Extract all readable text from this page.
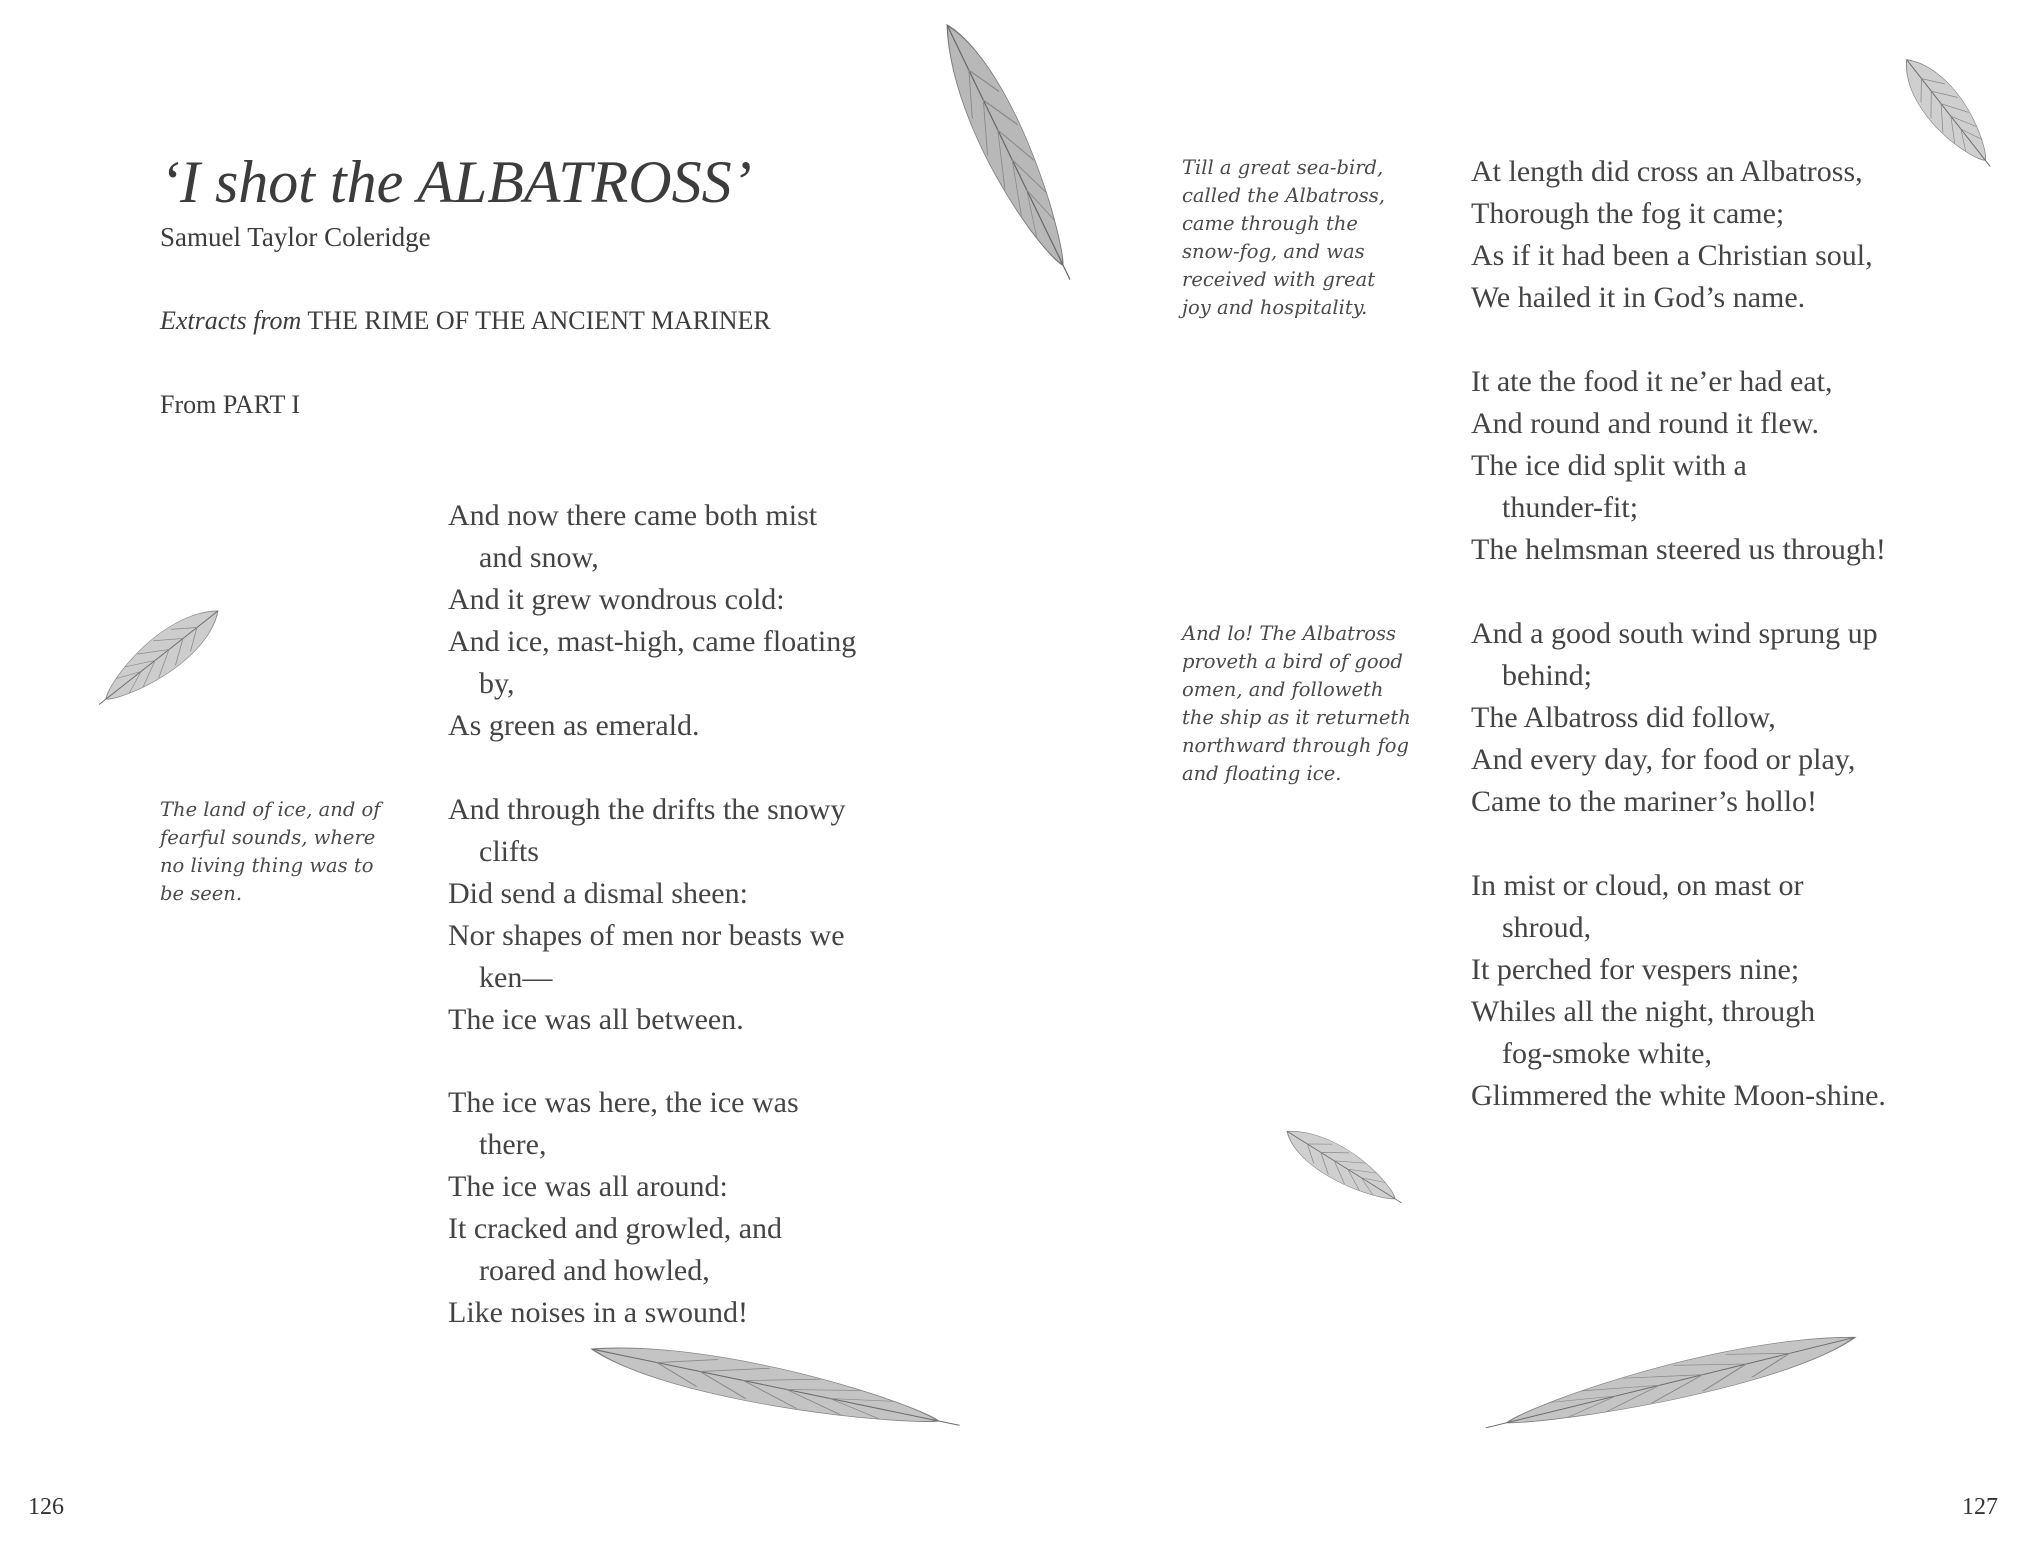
‘I shot the ALBATROSS’
Samuel Taylor Coleridge
Extracts from THE RIME OF THE ANCIENT MARINER
From PART I
The land of ice, and of
fearful sounds, where
no living thing was to
be seen.
And now there came both mist
and snow,
And it grew wondrous cold:
And ice, mast-high, came floating
by,
As green as emerald.
And through the drifts the snowy
clifts
Did send a dismal sheen:
Nor shapes of men nor beasts we
ken—
The ice was all between.
The ice was here, the ice was
there,
The ice was all around:
It cracked and growled, and
roared and howled,
Like noises in a swound!
126
Till a great sea-bird,
called the Albatross,
came through the
snow-fog, and was
received with great
joy and hospitality.
And lo! The Albatross
proveth a bird of good
omen, and followeth
the ship as it returneth
northward through fog
and floating ice.
At length did cross an Albatross,
Thorough the fog it came;
As if it had been a Christian soul,
We hailed it in God’s name.
It ate the food it ne’er had eat,
And round and round it flew.
The ice did split with a
thunder-fit;
The helmsman steered us through!
And a good south wind sprung up
behind;
The Albatross did follow,
And every day, for food or play,
Came to the mariner’s hollo!
In mist or cloud, on mast or
shroud,
It perched for vespers nine;
Whiles all the night, through
fog-smoke white,
Glimmered the white Moon-shine.
127
